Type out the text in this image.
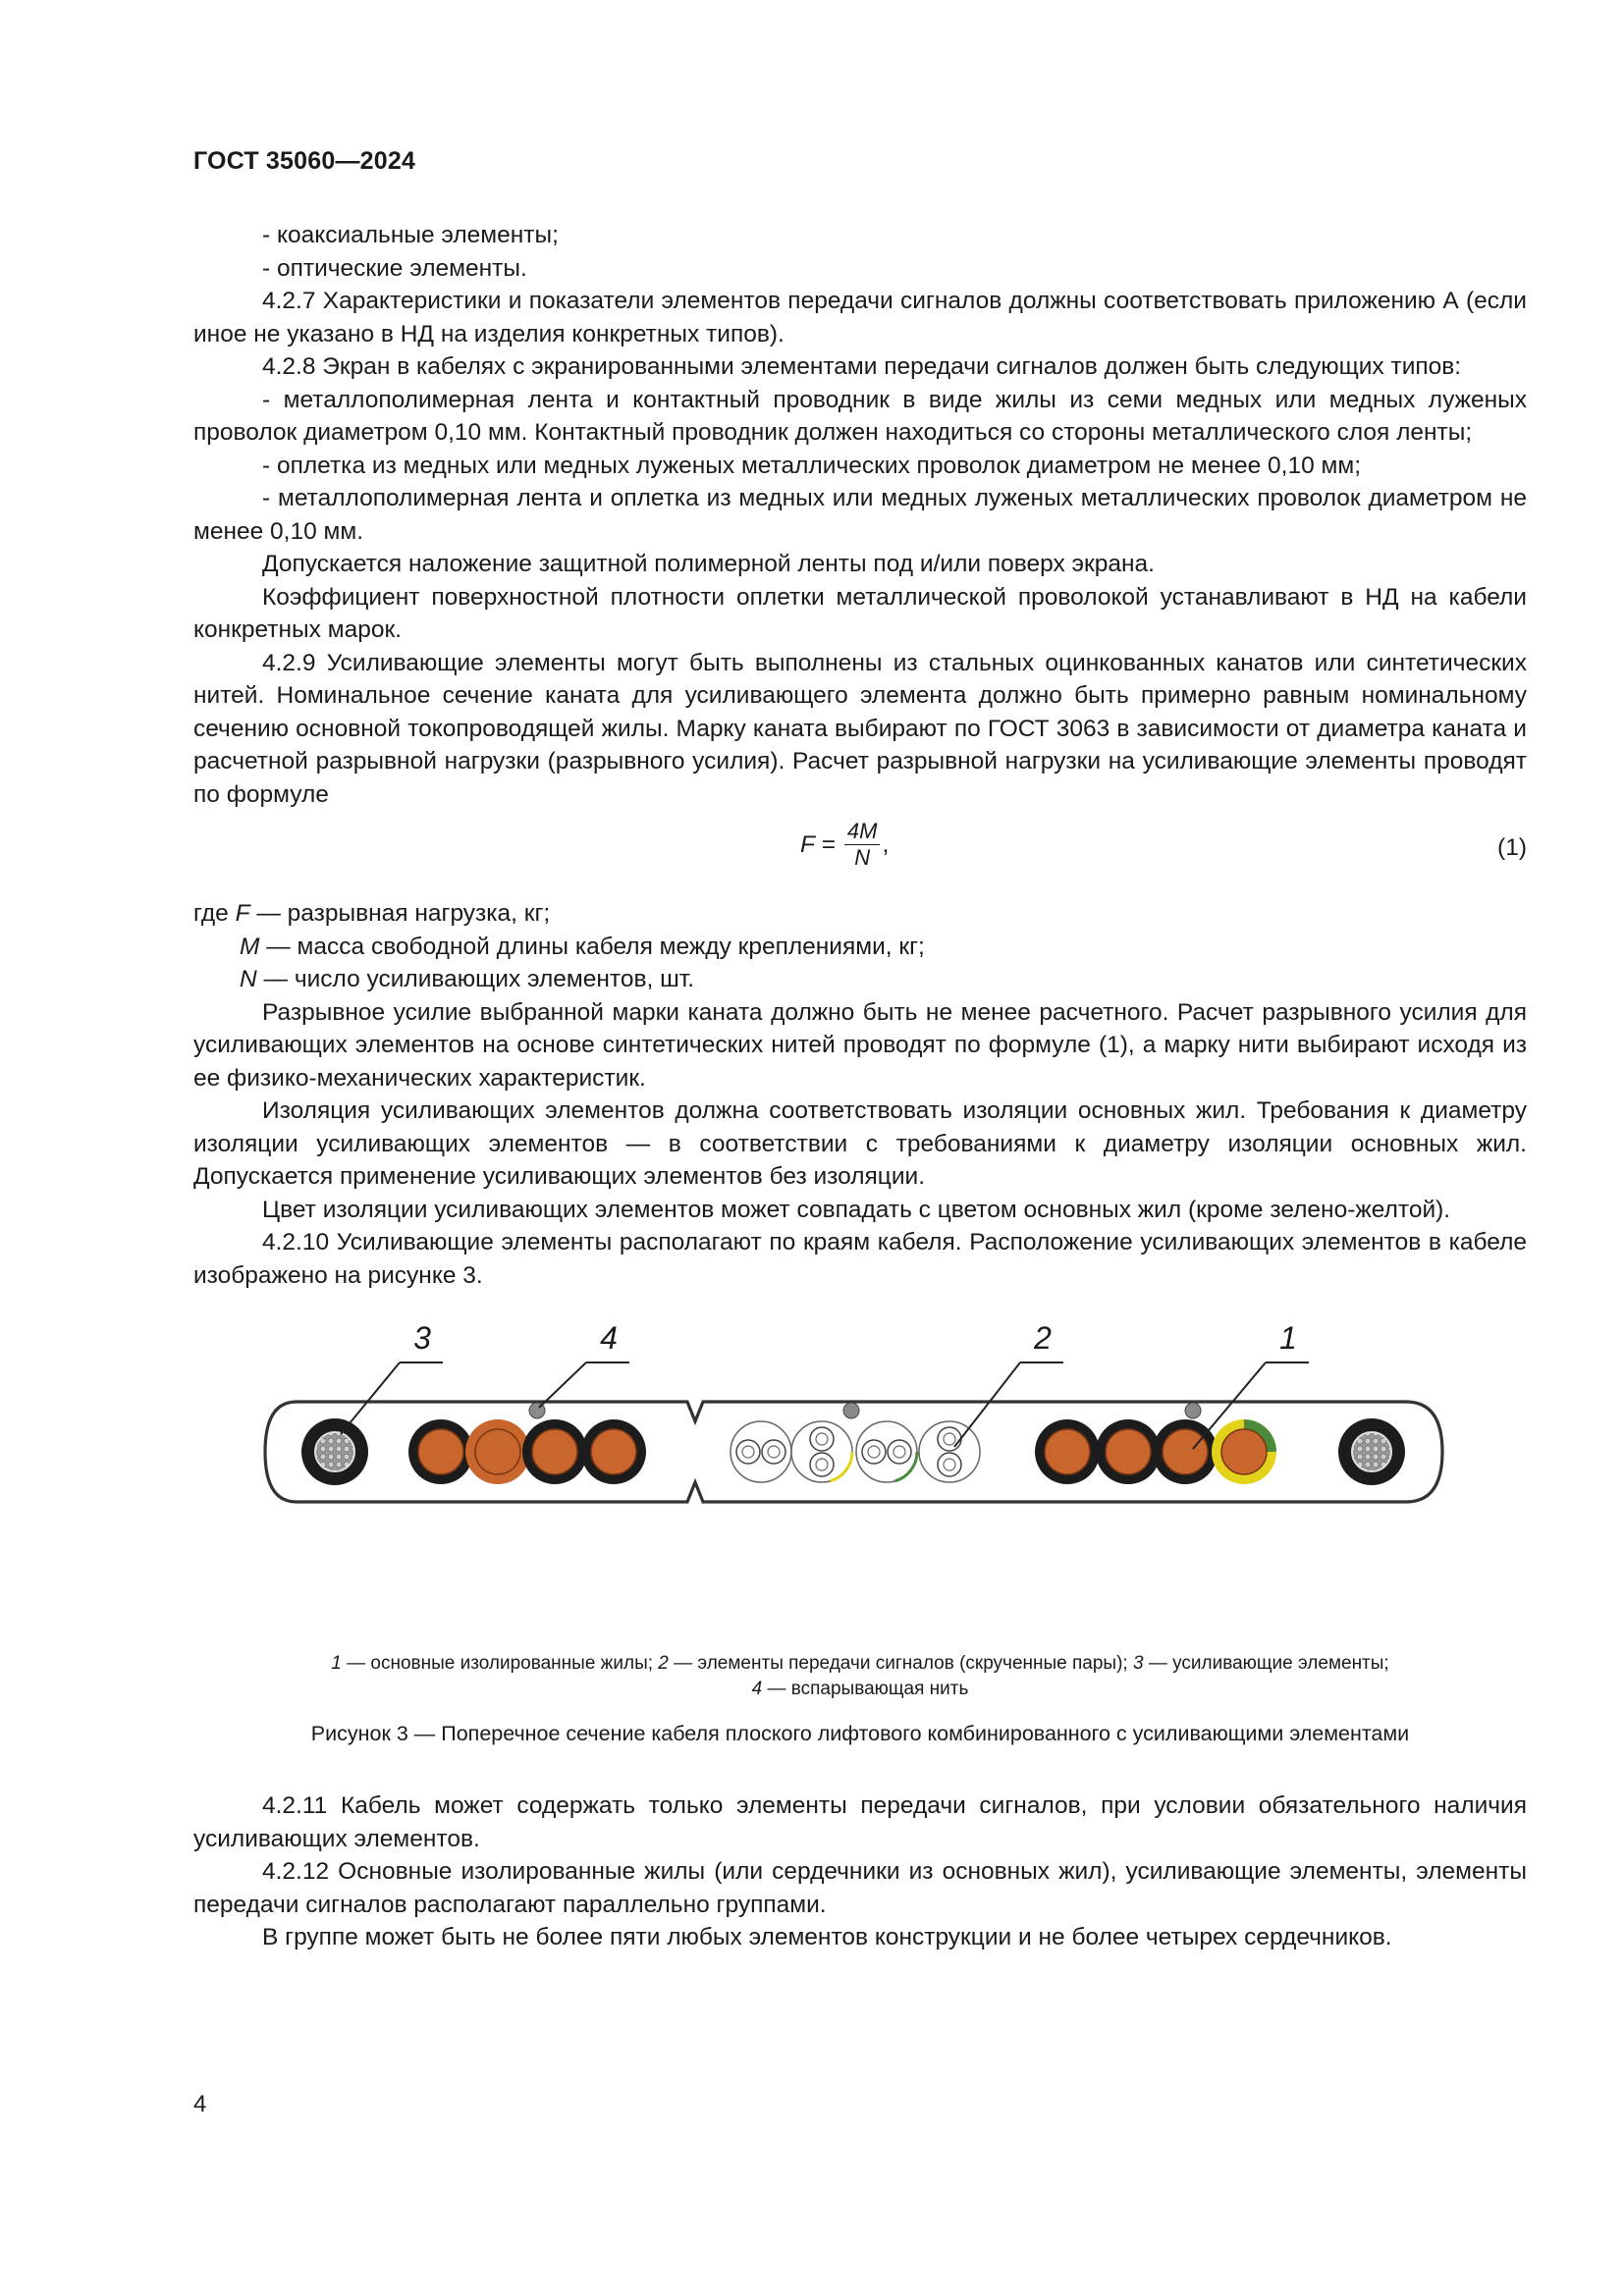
ГОСТ 35060—2024

- коаксиальные элементы;

- оптические элементы.

4.2.7 Характеристики и показатели элементов передачи сигналов должны соответствовать приложению А (если иное не указано в НД на изделия конкретных типов).

4.2.8 Экран в кабелях с экранированными элементами передачи сигналов должен быть следующих типов:

- металлополимерная лента и контактный проводник в виде жилы из семи медных или медных луженых проволок диаметром 0,10 мм. Контактный проводник должен находиться со стороны металлического слоя ленты;

- оплетка из медных или медных луженых металлических проволок диаметром не менее 0,10 мм;

- металлополимерная лента и оплетка из медных или медных луженых металлических проволок диаметром не менее 0,10 мм.

Допускается наложение защитной полимерной ленты под и/или поверх экрана.

Коэффициент поверхностной плотности оплетки металлической проволокой устанавливают в НД на кабели конкретных марок.

4.2.9 Усиливающие элементы могут быть выполнены из стальных оцинкованных канатов или синтетических нитей. Номинальное сечение каната для усиливающего элемента должно быть примерно равным номинальному сечению основной токопроводящей жилы. Марку каната выбирают по ГОСТ 3063 в зависимости от диаметра каната и расчетной разрывной нагрузки (разрывного усилия). Расчет разрывной нагрузки на усиливающие элементы проводят по формуле

$F = \frac{4M}{N}$ ,	(1)

где F — разрывная нагрузка, кг;

M — масса свободной длины кабеля между креплениями, кг;

N — число усиливающих элементов, шт.

Разрывное усилие выбранной марки каната должно быть не менее расчетного. Расчет разрывного усилия для усиливающих элементов на основе синтетических нитей проводят по формуле (1), а марку нити выбирают исходя из ее физико-механических характеристик.

Изоляция усиливающих элементов должна соответствовать изоляции основных жил. Требования к диаметру изоляции усиливающих элементов — в соответствии с требованиями к диаметру изоляции основных жил. Допускается применение усиливающих элементов без изоляции.

Цвет изоляции усиливающих элементов может совпадать с цветом основных жил (кроме зелено-желтой).

4.2.10 Усиливающие элементы располагают по краям кабеля. Расположение усиливающих элементов в кабеле изображено на рисунке 3.

3	4	2	1
1 — основные изолированные жилы; 2 — элементы передачи сигналов (скрученные пары); 3 — усиливающие элементы;
4 — вспарывающая нить
Рисунок 3 — Поперечное сечение кабеля плоского лифтового комбинированного с усиливающими элементами

4.2.11 Кабель может содержать только элементы передачи сигналов, при условии обязательного наличия усиливающих элементов.

4.2.12 Основные изолированные жилы (или сердечники из основных жил), усиливающие элементы, элементы передачи сигналов располагают параллельно группами.

В группе может быть не более пяти любых элементов конструкции и не более четырех сердечников.

4
